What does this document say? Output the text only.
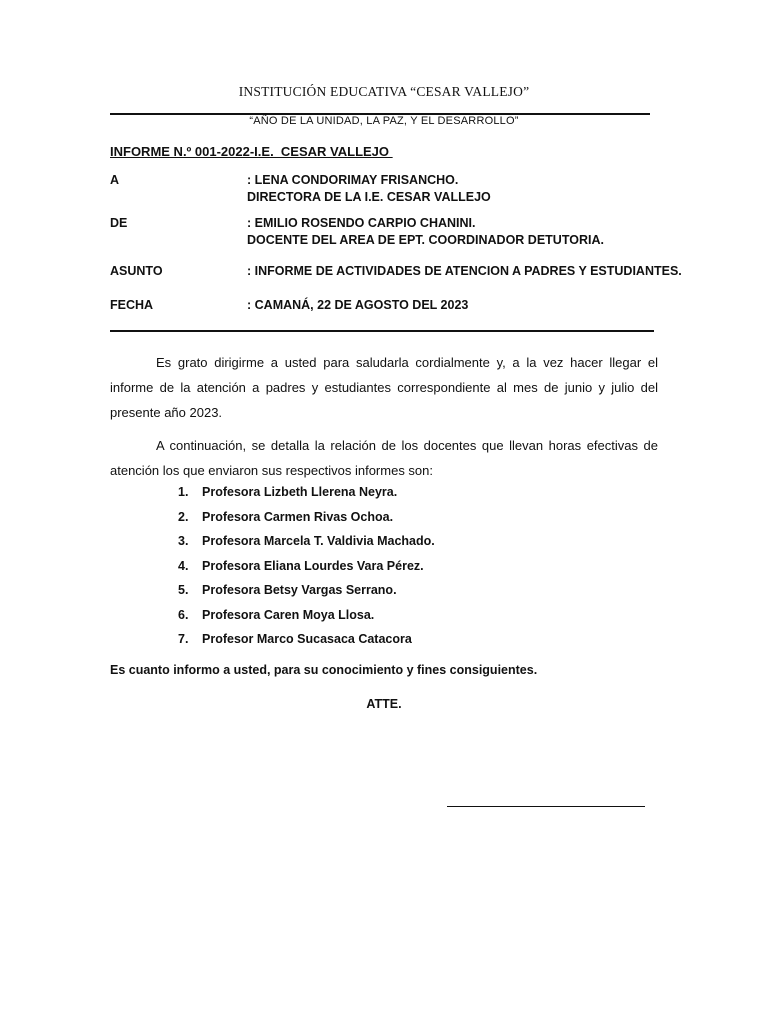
INSTITUCIÓN EDUCATIVA “CESAR VALLEJO”
“AÑO DE LA UNIDAD, LA PAZ, Y EL DESARROLLO”
INFORME N.º 001-2022-I.E.  CESAR VALLEJO
A	: LENA CONDORIMAY FRISANCHO.
DIRECTORA DE LA I.E. CESAR VALLEJO
DE	: EMILIO ROSENDO CARPIO CHANINI.
DOCENTE DEL AREA DE EPT. COORDINADOR DETUTORIA.
ASUNTO	: INFORME DE ACTIVIDADES DE ATENCION A PADRES Y ESTUDIANTES.
FECHA	: CAMANÁ, 22 DE AGOSTO DEL 2023

Es grato dirigirme a usted para saludarla cordialmente y, a la vez hacer llegar el informe de la atención a padres y estudiantes correspondiente al mes de junio y julio del presente año 2023.

A continuación, se detalla la relación de los docentes que llevan horas efectivas de atención los que enviaron sus respectivos informes son:

1. Profesora Lizbeth Llerena Neyra.
2. Profesora Carmen Rivas Ochoa.
3. Profesora Marcela T. Valdivia Machado.
4. Profesora Eliana Lourdes Vara Pérez.
5. Profesora Betsy Vargas Serrano.
6. Profesora Caren Moya Llosa.
7. Profesor Marco Sucasaca Catacora
Es cuanto informo a usted, para su conocimiento y fines consiguientes.
ATTE.
